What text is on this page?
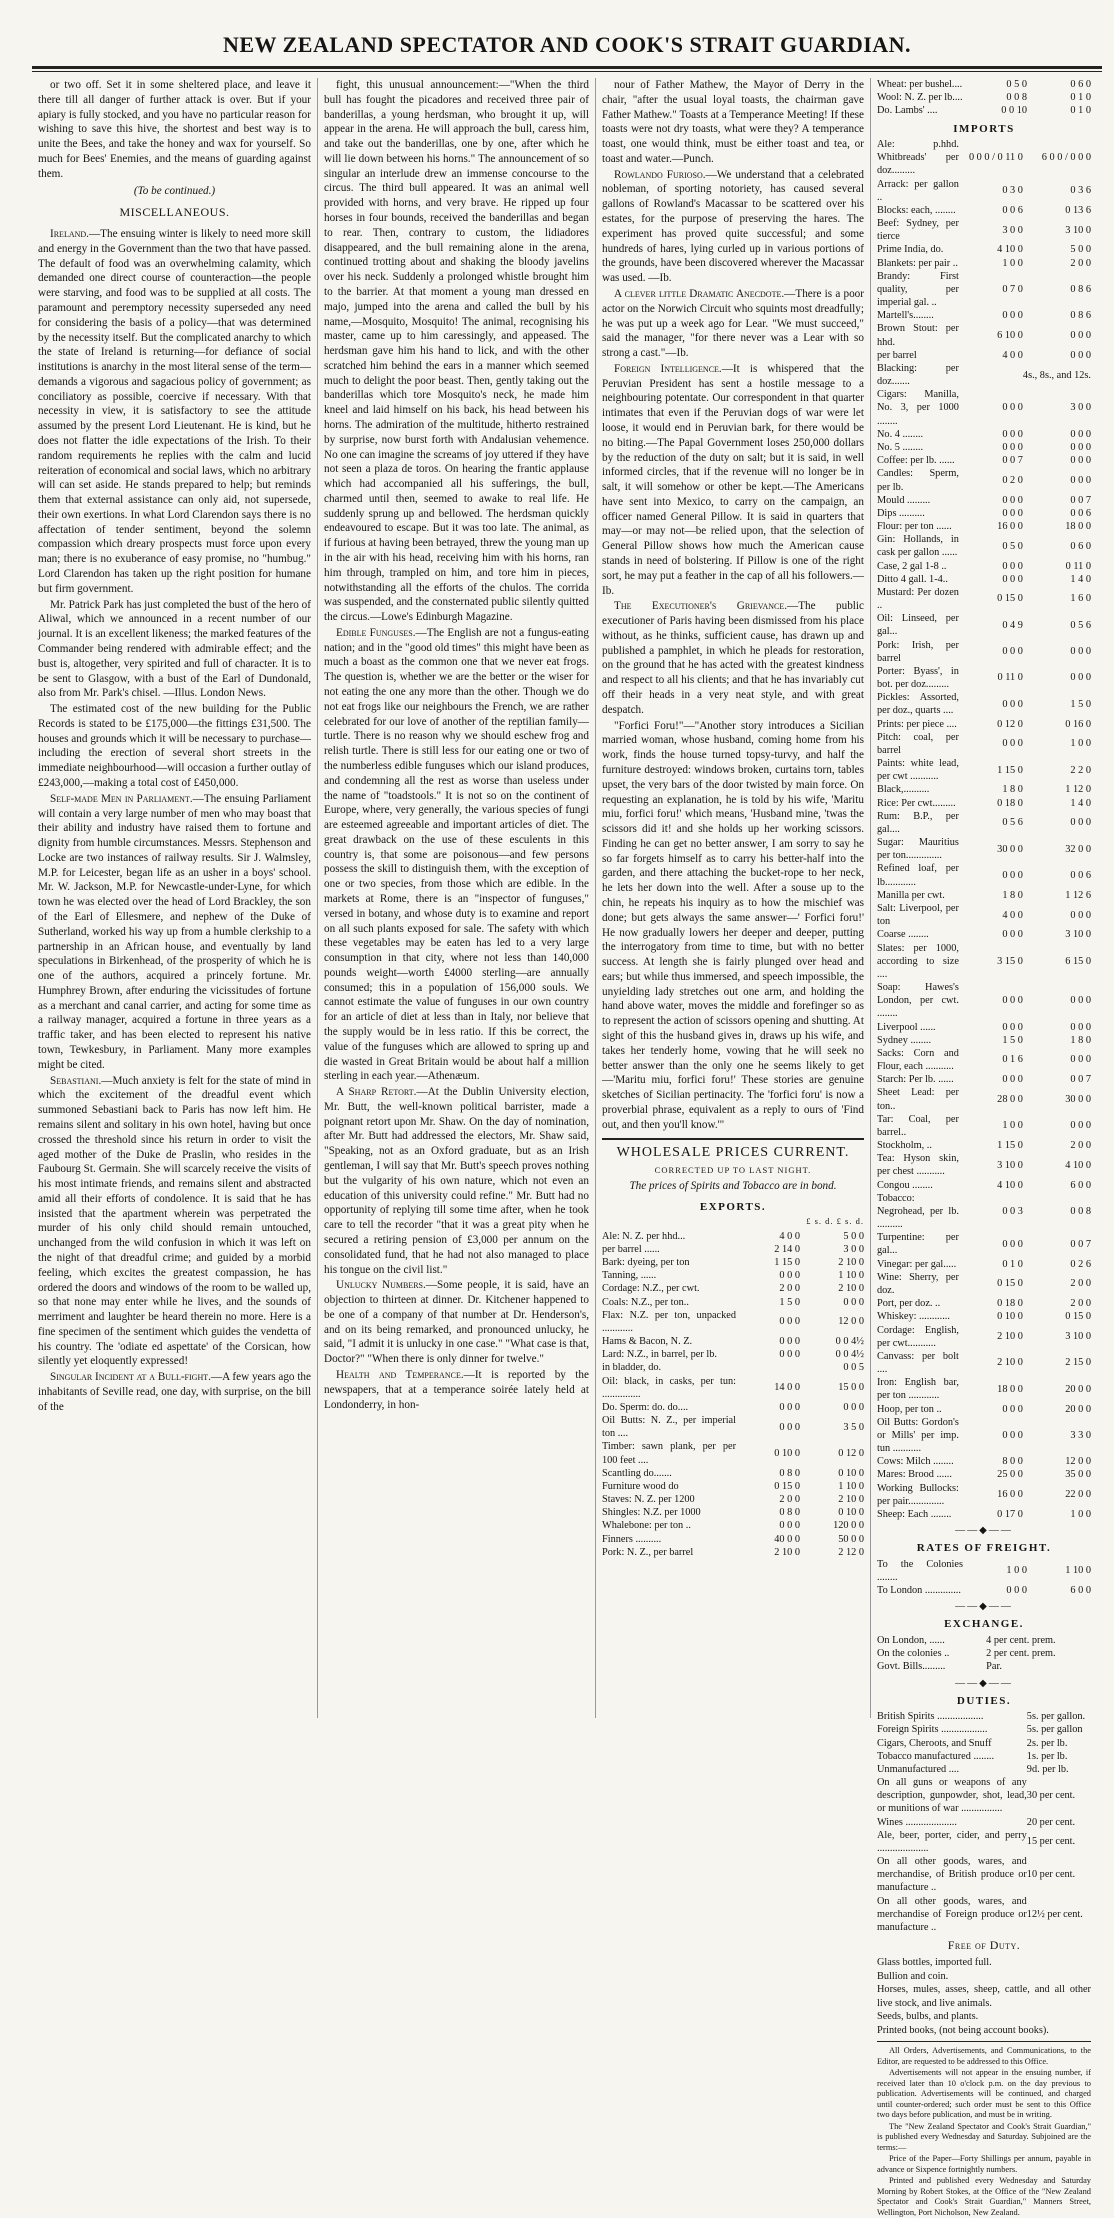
NEW ZEALAND SPECTATOR AND COOK'S STRAIT GUARDIAN.

or two off. Set it in some sheltered place, and leave it there till all danger of further attack is over. But if your apiary is fully stocked, and you have no particular reason for wishing to save this hive, the shortest and best way is to unite the Bees, and take the honey and wax for yourself. So much for Bees' Enemies, and the means of guarding against them.

(To be continued.)
MISCELLANEOUS.

Ireland.—The ensuing winter is likely to need more skill and energy in the Government than the two that have passed. The default of food was an overwhelming calamity, which demanded one direct course of counteraction—the people were starving, and food was to be supplied at all costs. The paramount and peremptory necessity superseded any need for considering the basis of a policy—that was determined by the necessity itself. But the complicated anarchy to which the state of Ireland is returning—for defiance of social institutions is anarchy in the most literal sense of the term—demands a vigorous and sagacious policy of government; as conciliatory as possible, coercive if necessary. With that necessity in view, it is satisfactory to see the attitude assumed by the present Lord Lieutenant. He is kind, but he does not flatter the idle expectations of the Irish. To their random requirements he replies with the calm and lucid reiteration of economical and social laws, which no arbitrary will can set aside. He stands prepared to help; but reminds them that external assistance can only aid, not supersede, their own exertions. In what Lord Clarendon says there is no affectation of tender sentiment, beyond the solemn compassion which dreary prospects must force upon every man; there is no exuberance of easy promise, no "humbug." Lord Clarendon has taken up the right position for humane but firm government.

Mr. Patrick Park has just completed the bust of the hero of Aliwal, which we announced in a recent number of our journal. It is an excellent likeness; the marked features of the Commander being rendered with admirable effect; and the bust is, altogether, very spirited and full of character. It is to be sent to Glasgow, with a bust of the Earl of Dundonald, also from Mr. Park's chisel. —Illus. London News.

The estimated cost of the new building for the Public Records is stated to be £175,000—the fittings £31,500. The houses and grounds which it will be necessary to purchase—including the erection of several short streets in the immediate neighbourhood—will occasion a further outlay of £243,000,—making a total cost of £450,000.

Self-made Men in Parliament.—The ensuing Parliament will contain a very large number of men who may boast that their ability and industry have raised them to fortune and dignity from humble circumstances. Messrs. Stephenson and Locke are two instances of railway results. Sir J. Walmsley, M.P. for Leicester, began life as an usher in a boys' school. Mr. W. Jackson, M.P. for Newcastle-under-Lyne, for which town he was elected over the head of Lord Brackley, the son of the Earl of Ellesmere, and nephew of the Duke of Sutherland, worked his way up from a humble clerkship to a partnership in an African house, and eventually by land speculations in Birkenhead, of the prosperity of which he is one of the authors, acquired a princely fortune. Mr. Humphrey Brown, after enduring the vicissitudes of fortune as a merchant and canal carrier, and acting for some time as a railway manager, acquired a fortune in three years as a traffic taker, and has been elected to represent his native town, Tewkesbury, in Parliament. Many more examples might be cited.

Sebastiani.—Much anxiety is felt for the state of mind in which the excitement of the dreadful event which summoned Sebastiani back to Paris has now left him. He remains silent and solitary in his own hotel, having but once crossed the threshold since his return in order to visit the aged mother of the Duke de Praslin, who resides in the Faubourg St. Germain. She will scarcely receive the visits of his most intimate friends, and remains silent and abstracted amid all their efforts of condolence. It is said that he has insisted that the apartment wherein was perpetrated the murder of his only child should remain untouched, unchanged from the wild confusion in which it was left on the night of that dreadful crime; and guided by a morbid feeling, which excites the greatest compassion, he has ordered the doors and windows of the room to be walled up, so that none may enter while he lives, and the sounds of merriment and laughter be heard therein no more. Here is a fine specimen of the sentiment which guides the vendetta of his country. The 'odiate ed aspettate' of the Corsican, how silently yet eloquently expressed!

Singular Incident at a Bull-fight.—A few years ago the inhabitants of Seville read, one day, with surprise, on the bill of the

fight, this unusual announcement:—"When the third bull has fought the picadores and received three pair of banderillas, a young herdsman, who brought it up, will appear in the arena. He will approach the bull, caress him, and take out the banderillas, one by one, after which he will lie down between his horns." The announcement of so singular an interlude drew an immense concourse to the circus. The third bull appeared. It was an animal well provided with horns, and very brave. He ripped up four horses in four bounds, received the banderillas and began to rear. Then, contrary to custom, the lidiadores disappeared, and the bull remaining alone in the arena, continued trotting about and shaking the bloody javelins over his neck. Suddenly a prolonged whistle brought him to the barrier. At that moment a young man dressed en majo, jumped into the arena and called the bull by his name,—Mosquito, Mosquito! The animal, recognising his master, came up to him caressingly, and appeased. The herdsman gave him his hand to lick, and with the other scratched him behind the ears in a manner which seemed much to delight the poor beast. Then, gently taking out the banderillas which tore Mosquito's neck, he made him kneel and laid himself on his back, his head between his horns. The admiration of the multitude, hitherto restrained by surprise, now burst forth with Andalusian vehemence. No one can imagine the screams of joy uttered if they have not seen a plaza de toros. On hearing the frantic applause which had accompanied all his sufferings, the bull, charmed until then, seemed to awake to real life. He suddenly sprung up and bellowed. The herdsman quickly endeavoured to escape. But it was too late. The animal, as if furious at having been betrayed, threw the young man up in the air with his head, receiving him with his horns, ran him through, trampled on him, and tore him in pieces, notwithstanding all the efforts of the chulos. The corrida was suspended, and the consternated public silently quitted the circus.—Lowe's Edinburgh Magazine.

Edible Funguses.—The English are not a fungus-eating nation; and in the "good old times" this might have been as much a boast as the common one that we never eat frogs. The question is, whether we are the better or the wiser for not eating the one any more than the other. Though we do not eat frogs like our neighbours the French, we are rather celebrated for our love of another of the reptilian family—turtle. There is no reason why we should eschew frog and relish turtle. There is still less for our eating one or two of the numberless edible funguses which our island produces, and condemning all the rest as worse than useless under the name of "toadstools." It is not so on the continent of Europe, where, very generally, the various species of fungi are esteemed agreeable and important articles of diet. The great drawback on the use of these esculents in this country is, that some are poisonous—and few persons possess the skill to distinguish them, with the exception of one or two species, from those which are edible. In the markets at Rome, there is an "inspector of funguses," versed in botany, and whose duty is to examine and report on all such plants exposed for sale. The safety with which these vegetables may be eaten has led to a very large consumption in that city, where not less than 140,000 pounds weight—worth £4000 sterling—are annually consumed; this in a population of 156,000 souls. We cannot estimate the value of funguses in our own country for an article of diet at less than in Italy, nor believe that the supply would be in less ratio. If this be correct, the value of the funguses which are allowed to spring up and die wasted in Great Britain would be about half a million sterling in each year.—Athenæum.

A Sharp Retort.—At the Dublin University election, Mr. Butt, the well-known political barrister, made a poignant retort upon Mr. Shaw. On the day of nomination, after Mr. Butt had addressed the electors, Mr. Shaw said, "Speaking, not as an Oxford graduate, but as an Irish gentleman, I will say that Mr. Butt's speech proves nothing but the vulgarity of his own nature, which not even an education of this university could refine." Mr. Butt had no opportunity of replying till some time after, when he took care to tell the recorder "that it was a great pity when he secured a retiring pension of £3,000 per annum on the consolidated fund, that he had not also managed to place his tongue on the civil list."

Unlucky Numbers.—Some people, it is said, have an objection to thirteen at dinner. Dr. Kitchener happened to be one of a company of that number at Dr. Henderson's, and on its being remarked, and pronounced unlucky, he said, "I admit it is unlucky in one case." "What case is that, Doctor?" "When there is only dinner for twelve."

Health and Temperance.—It is reported by the newspapers, that at a temperance soirée lately held at Londonderry, in hon-

nour of Father Mathew, the Mayor of Derry in the chair, "after the usual loyal toasts, the chairman gave Father Mathew." Toasts at a Temperance Meeting! If these toasts were not dry toasts, what were they? A temperance toast, one would think, must be either toast and tea, or toast and water.—Punch.

Rowlando Furioso.—We understand that a celebrated nobleman, of sporting notoriety, has caused several gallons of Rowland's Macassar to be scattered over his estates, for the purpose of preserving the hares. The experiment has proved quite successful; and some hundreds of hares, lying curled up in various portions of the grounds, have been discovered wherever the Macassar was used. —Ib.

A clever little Dramatic Anecdote.—There is a poor actor on the Norwich Circuit who squints most dreadfully; he was put up a week ago for Lear. "We must succeed," said the manager, "for there never was a Lear with so strong a cast."—Ib.

Foreign Intelligence.—It is whispered that the Peruvian President has sent a hostile message to a neighbouring potentate. Our correspondent in that quarter intimates that even if the Peruvian dogs of war were let loose, it would end in Peruvian bark, for there would be no biting.—The Papal Government loses 250,000 dollars by the reduction of the duty on salt; but it is said, in well informed circles, that if the revenue will no longer be in salt, it will somehow or other be kept.—The Americans have sent into Mexico, to carry on the campaign, an officer named General Pillow. It is said in quarters that may—or may not—be relied upon, that the selection of General Pillow shows how much the American cause stands in need of bolstering. If Pillow is one of the right sort, he may put a feather in the cap of all his followers.—Ib.

The Executioner's Grievance.—The public executioner of Paris having been dismissed from his place without, as he thinks, sufficient cause, has drawn up and published a pamphlet, in which he pleads for restoration, on the ground that he has acted with the greatest kindness and respect to all his clients; and that he has invariably cut off their heads in a very neat style, and with great despatch.

"Forfici Foru!"—"Another story introduces a Sicilian married woman, whose husband, coming home from his work, finds the house turned topsy-turvy, and half the furniture destroyed: windows broken, curtains torn, tables upset, the very bars of the door twisted by main force. On requesting an explanation, he is told by his wife, 'Maritu miu, forfici foru!' which means, 'Husband mine, 'twas the scissors did it! and she holds up her working scissors. Finding he can get no better answer, I am sorry to say he so far forgets himself as to carry his better-half into the garden, and there attaching the bucket-rope to her neck, he lets her down into the well. After a souse up to the chin, he repeats his inquiry as to how the mischief was done; but gets always the same answer—' Forfici foru!' He now gradually lowers her deeper and deeper, putting the interrogatory from time to time, but with no better success. At length she is fairly plunged over head and ears; but while thus immersed, and speech impossible, the unyielding lady stretches out one arm, and holding the hand above water, moves the middle and forefinger so as to represent the action of scissors opening and shutting. At sight of this the husband gives in, draws up his wife, and takes her tenderly home, vowing that he will seek no better answer than the only one he seems likely to get—'Maritu miu, forfici foru!' These stories are genuine sketches of Sicilian pertinacity. The 'forfici foru' is now a proverbial phrase, equivalent as a reply to ours of 'Find out, and then you'll know.'"

WHOLESALE PRICES CURRENT.
CORRECTED UP TO LAST NIGHT.
The prices of Spirits and Tobacco are in bond.
EXPORTS.
£ s. d. £ s. d.
Ale: N. Z. per hhd...	4 0 0	5 0 0
per barrel ......	2 14 0	3 0 0
Bark: dyeing, per ton	1 15 0	2 10 0
Tanning, ......	0 0 0	1 10 0
Cordage: N.Z., per cwt.	2 0 0	2 10 0
Coals: N.Z., per ton..	1 5 0	0 0 0
Flax: N.Z. per ton, unpacked ............	0 0 0	12 0 0
Hams & Bacon, N. Z.	0 0 0	0 0 4½
Lard: N.Z., in barrel, per lb.	0 0 0	0 0 4½
in bladder, do.		0 0 5
Oil: black, in casks, per tun: ...............	14 0 0	15 0 0
Do. Sperm: do. do....	0 0 0	0 0 0
Oil Butts: N. Z., per imperial ton ....	0 0 0	3 5 0
Timber: sawn plank, per per 100 feet ....	0 10 0	0 12 0
Scantling do.......	0 8 0	0 10 0
Furniture wood do	0 15 0	1 10 0
Staves: N. Z. per 1200	2 0 0	2 10 0
Shingles: N.Z. per 1000	0 8 0	0 10 0
Whalebone: per ton ..	0 0 0	120 0 0
Finners ..........	40 0 0	50 0 0
Pork: N. Z., per barrel	2 10 0	2 12 0
Wheat: per bushel....	0 5 0	0 6 0
Wool: N. Z. per lb....	0 0 8	0 1 0
Do. Lambs' ....	0 0 10	0 1 0
IMPORTS
Ale: p.hhd. Whitbreads' per doz.........	0 0 0 / 0 11 0	6 0 0 / 0 0 0
Arrack: per gallon ..	0 3 0	0 3 6
Blocks: each, ........	0 0 6	0 13 6
Beef: Sydney, per tierce	3 0 0	3 10 0
Prime India, do.	4 10 0	5 0 0
Blankets: per pair ..	1 0 0	2 0 0
Brandy: First quality, per imperial gal. ..	0 7 0	0 8 6
Martell's........	0 0 0	0 8 6
Brown Stout: per hhd.	6 10 0	0 0 0
per barrel	4 0 0	0 0 0
Blacking: per doz.......		4s., 8s., and 12s.
Cigars: Manilla, No. 3, per 1000 ........	0 0 0	3 0 0
No. 4 ........	0 0 0	0 0 0
No. 5 ........	0 0 0	0 0 0
Coffee: per lb. ......	0 0 7	0 0 0
Candles: Sperm, per lb.	0 2 0	0 0 0
Mould .........	0 0 0	0 0 7
Dips ..........	0 0 0	0 0 6
Flour: per ton ......	16 0 0	18 0 0
Gin: Hollands, in cask per gallon ......	0 5 0	0 6 0
Case, 2 gal 1-8 ..	0 0 0	0 11 0
Ditto 4 gall. 1-4..	0 0 0	1 4 0
Mustard: Per dozen ..	0 15 0	1 6 0
Oil: Linseed, per gal...	0 4 9	0 5 6
Pork: Irish, per barrel	0 0 0	0 0 0
Porter: Byass', in bot. per doz.........	0 11 0	0 0 0
Pickles: Assorted, per doz., quarts ....	0 0 0	1 5 0
Prints: per piece ....	0 12 0	0 16 0
Pitch: coal, per barrel	0 0 0	1 0 0
Paints: white lead, per cwt ...........	1 15 0	2 2 0
Black,..........	1 8 0	1 12 0
Rice: Per cwt.........	0 18 0	1 4 0
Rum: B.P., per gal....	0 5 6	0 0 0
Sugar: Mauritius per ton..............	30 0 0	32 0 0
Refined loaf, per lb............	0 0 0	0 0 6
Manilla per cwt.	1 8 0	1 12 6
Salt: Liverpool, per ton	4 0 0	0 0 0
Coarse ........	0 0 0	3 10 0
Slates: per 1000, according to size ....	3 15 0	6 15 0
Soap: Hawes's London, per cwt. ........	0 0 0	0 0 0
Liverpool ......	0 0 0	0 0 0
Sydney ........	1 5 0	1 8 0
Sacks: Corn and Flour, each ...........	0 1 6	0 0 0
Starch: Per lb. ......	0 0 0	0 0 7
Sheet Lead: per ton..	28 0 0	30 0 0
Tar: Coal, per barrel..	1 0 0	0 0 0
Stockholm, ..	1 15 0	2 0 0
Tea: Hyson skin, per chest ...........	3 10 0	4 10 0
Congou ........	4 10 0	6 0 0
Tobacco: Negrohead, per lb. ..........	0 0 3	0 0 8
Turpentine: per gal...	0 0 0	0 0 7
Vinegar: per gal.....	0 1 0	0 2 6
Wine: Sherry, per doz.	0 15 0	2 0 0
Port, per doz. ..	0 18 0	2 0 0
Whiskey: ............	0 10 0	0 15 0
Cordage: English, per cwt...........	2 10 0	3 10 0
Canvass: per bolt ....	2 10 0	2 15 0
Iron: English bar, per ton ............	18 0 0	20 0 0
Hoop, per ton ..	0 0 0	20 0 0
Oil Butts: Gordon's or Mills' per imp. tun ...........	0 0 0	3 3 0
Cows: Milch ........	8 0 0	12 0 0
Mares: Brood ......	25 0 0	35 0 0
Working Bullocks: per pair..............	16 0 0	22 0 0
Sheep: Each ........	0 17 0	1 0 0
——◆——
RATES OF FREIGHT.
To the Colonies ........	1 0 0	1 10 0
To London ..............	0 0 0	6 0 0
——◆——
EXCHANGE.
On London, ......	4 per cent. prem.
On the colonies ..	2 per cent. prem.
Govt. Bills.........	Par.
——◆——
DUTIES.
British Spirits ..................	5s. per gallon.
Foreign Spirits ..................	5s. per gallon
Cigars, Cheroots, and Snuff	2s. per lb.
Tobacco manufactured ........	1s. per lb.
Unmanufactured ....	9d. per lb.
On all guns or weapons of any description, gunpowder, shot, lead, or munitions of war ................	30 per cent.
Wines ....................	20 per cent.
Ale, beer, porter, cider, and perry ....................	15 per cent.
On all other goods, wares, and merchandise, of British produce or manufacture ..	10 per cent.
On all other goods, wares, and merchandise of Foreign produce or manufacture ..	12½ per cent.
Free of Duty.
Glass bottles, imported full.
Bullion and coin.
Horses, mules, asses, sheep, cattle, and all other live stock, and live animals.
Seeds, bulbs, and plants.
Printed books, (not being account books).

All Orders, Advertisements, and Communications, to the Editor, are requested to be addressed to this Office.

Advertisements will not appear in the ensuing number, if received later than 10 o'clock p.m. on the day previous to publication. Advertisements will be continued, and charged until counter-ordered; such order must be sent to this Office two days before publication, and must be in writing.

The "New Zealand Spectator and Cook's Strait Guardian," is published every Wednesday and Saturday. Subjoined are the terms:—

Price of the Paper—Forty Shillings per annum, payable in advance or Sixpence fortnightly numbers.

Printed and published every Wednesday and Saturday Morning by Robert Stokes, at the Office of the "New Zealand Spectator and Cook's Strait Guardian," Manners Street, Wellington, Port Nicholson, New Zealand.
